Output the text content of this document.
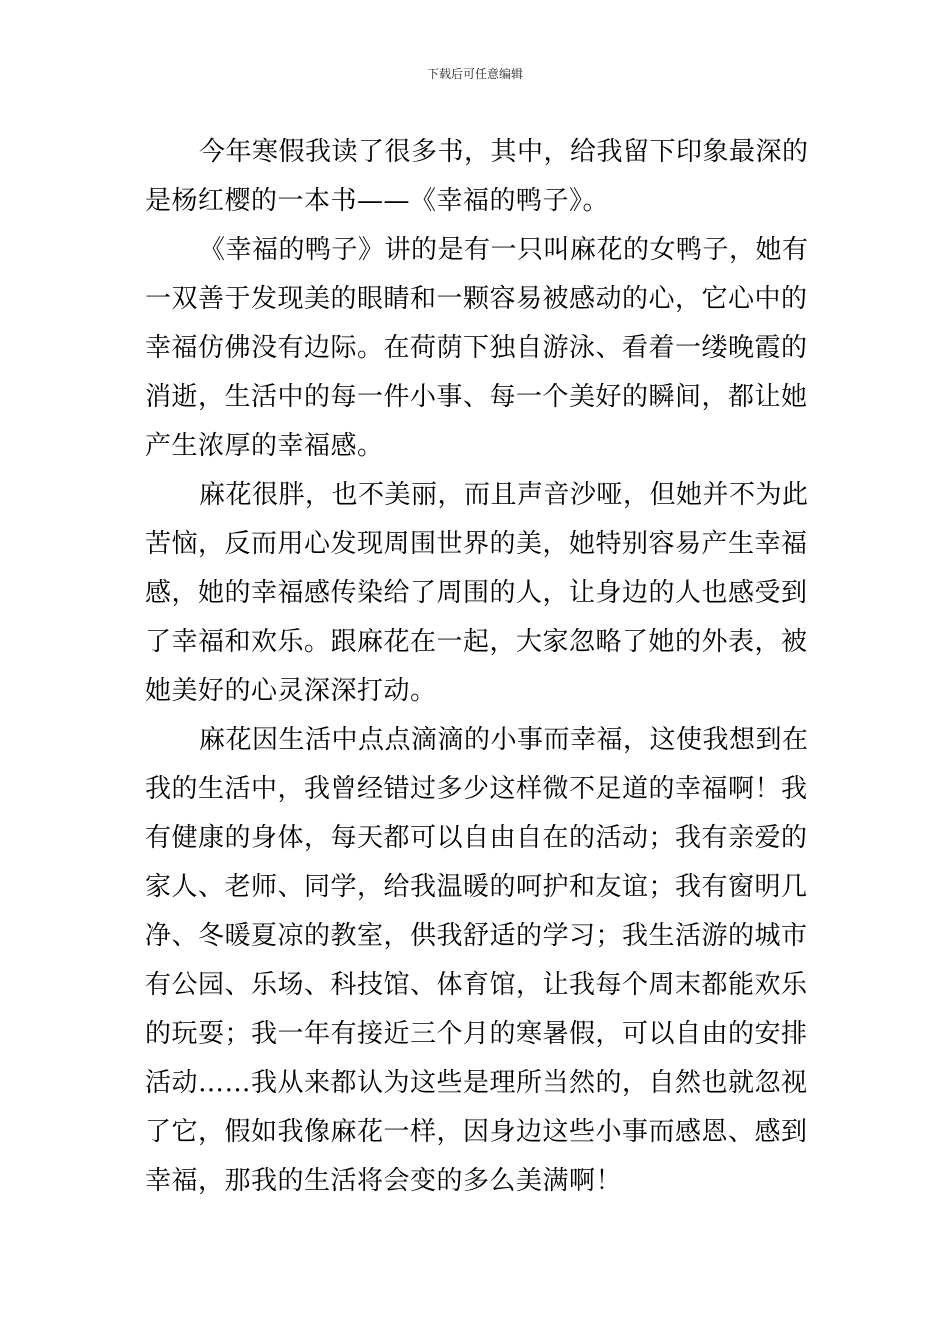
下载后可任意编辑

今年寒假我读了很多书，其中，给我留下印象最深的
是杨红樱的一本书——《幸福的鸭子》。

《幸福的鸭子》讲的是有一只叫麻花的女鸭子，她有
一双善于发现美的眼睛和一颗容易被感动的心，它心中的
幸福仿佛没有边际。在荷荫下独自游泳、看着一缕晚霞的
消逝，生活中的每一件小事、每一个美好的瞬间，都让她
产生浓厚的幸福感。

麻花很胖，也不美丽，而且声音沙哑，但她并不为此
苦恼，反而用心发现周围世界的美，她特别容易产生幸福
感，她的幸福感传染给了周围的人，让身边的人也感受到
了幸福和欢乐。跟麻花在一起，大家忽略了她的外表，被
她美好的心灵深深打动。

麻花因生活中点点滴滴的小事而幸福，这使我想到在
我的生活中，我曾经错过多少这样微不足道的幸福啊！我
有健康的身体，每天都可以自由自在的活动；我有亲爱的
家人、老师、同学，给我温暖的呵护和友谊；我有窗明几
净、冬暖夏凉的教室，供我舒适的学习；我生活游的城市
有公园、乐场、科技馆、体育馆，让我每个周末都能欢乐
的玩耍；我一年有接近三个月的寒暑假，可以自由的安排
活动……我从来都认为这些是理所当然的，自然也就忽视
了它，假如我像麻花一样，因身边这些小事而感恩、感到
幸福，那我的生活将会变的多么美满啊！
